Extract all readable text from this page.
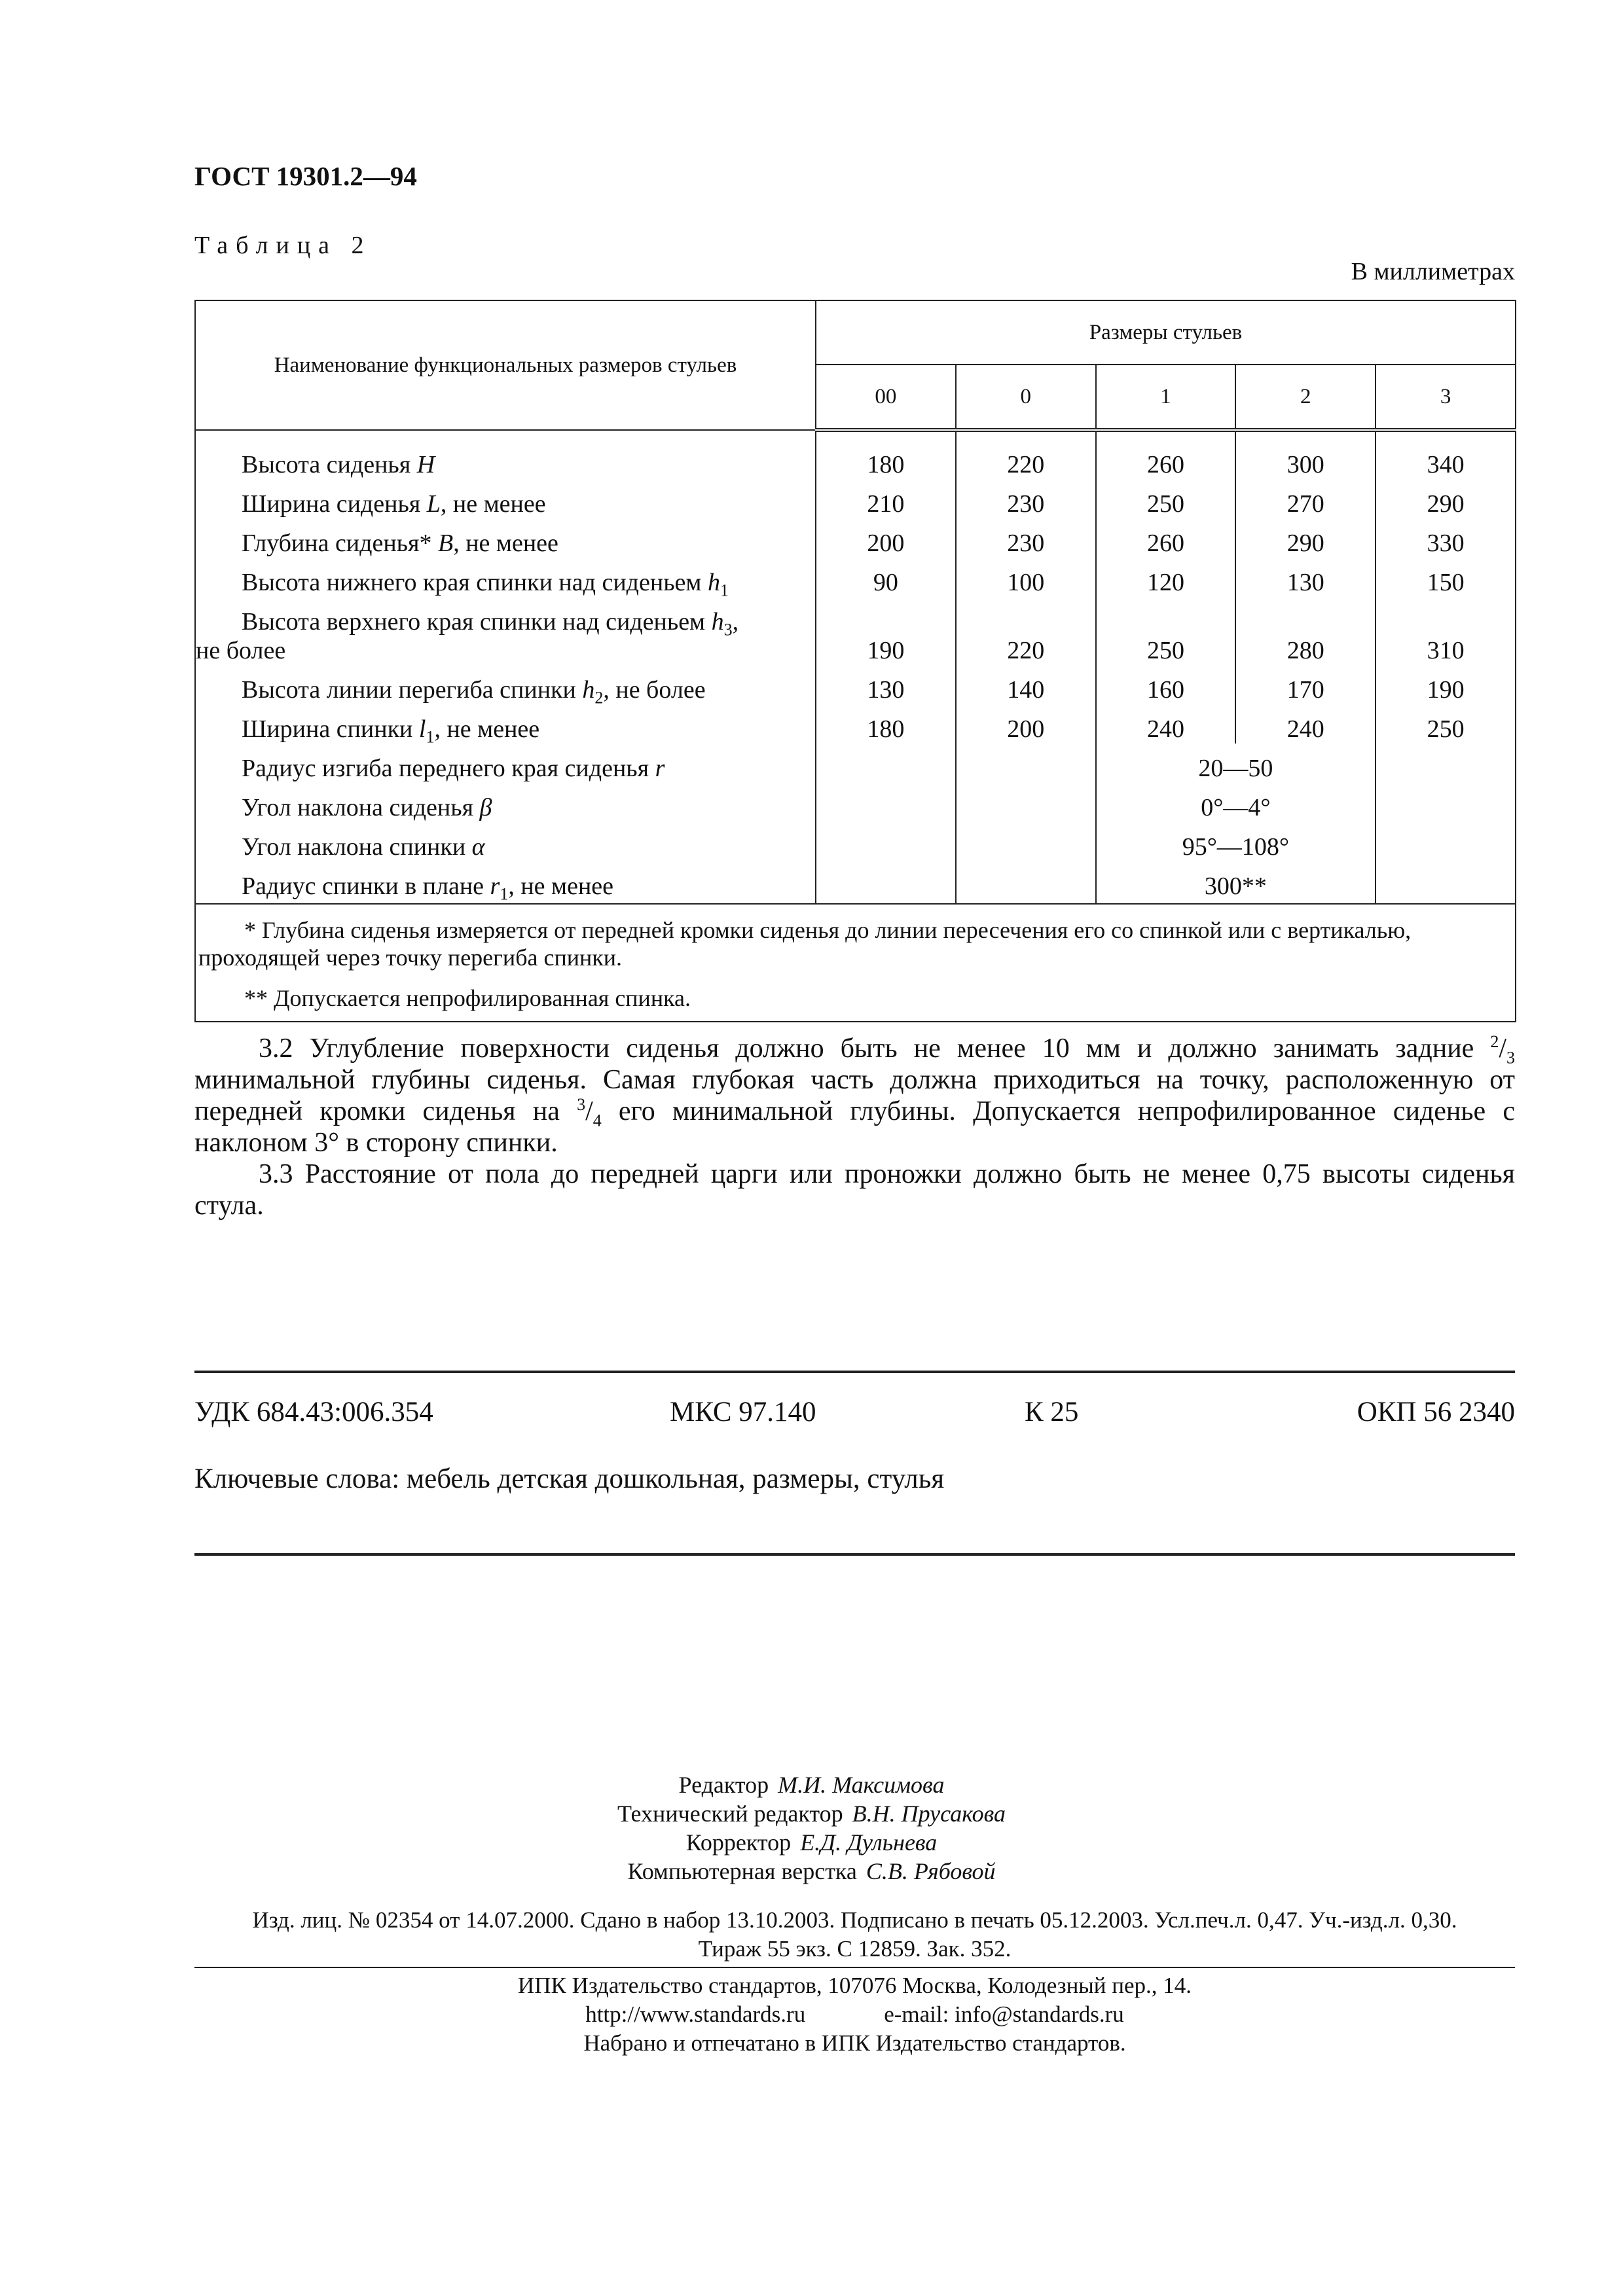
ГОСТ 19301.2—94
Таблица 2
В миллиметрах
Наименование функциональных размеров стульев	Размеры стульев				
	00	0	1	2	3
Высота сиденья H	180	220	260	300	340
Ширина сиденья L, не менее	210	230	250	270	290
Глубина сиденья* B, не менее	200	230	260	290	330
Высота нижнего края спинки над сиденьем $h_1$	90	100	120	130	150
Высота верхнего края спинки над сиденьем $h_3$,
не более	190	220	250	280	310
Высота линии перегиба спинки $h_2$, не более	130	140	160	170	190
Ширина спинки $l_1$, не менее	180	200	240	240	250
Радиус изгиба переднего края сиденья r			20—50		
Угол наклона сиденья β			0°—4°		
Угол наклона спинки α			95°—108°		
Радиус спинки в плане $r_1$, не менее			300**		

* Глубина сиденья измеряется от передней кромки сиденья до линии пересечения его со спинкой или с вертикалью, проходящей через точку перегиба спинки.

** Допускается непрофилированная спинка.					

3.2 Углубление поверхности сиденья должно быть не менее 10 мм и должно занимать задние $^2/_3$ минимальной глубины сиденья. Самая глубокая часть должна приходиться на точку, расположенную от передней кромки сиденья на $^3/_4$ его минимальной глубины. Допускается непрофилированное сиденье с наклоном 3° в сторону спинки.

3.3 Расстояние от пола до передней царги или проножки должно быть не менее 0,75 высоты сиденья стула.

УДК 684.43:006.354	МКС 97.140	К 25	ОКП 56 2340
Ключевые слова: мебель детская дошкольная, размеры, стулья
Редактор М.И. Максимова
Технический редактор В.Н. Прусакова
Корректор Е.Д. Дульнева
Компьютерная верстка С.В. Рябовой
Изд. лиц. № 02354 от 14.07.2000. Сдано в набор 13.10.2003. Подписано в печать 05.12.2003. Усл.печ.л. 0,47. Уч.-изд.л. 0,30.
Тираж 55 экз. С 12859. Зак. 352.
ИПК Издательство стандартов, 107076 Москва, Колодезный пер., 14.
http://www.standards.ru	e-mail: info@standards.ru
Набрано и отпечатано в ИПК Издательство стандартов.
